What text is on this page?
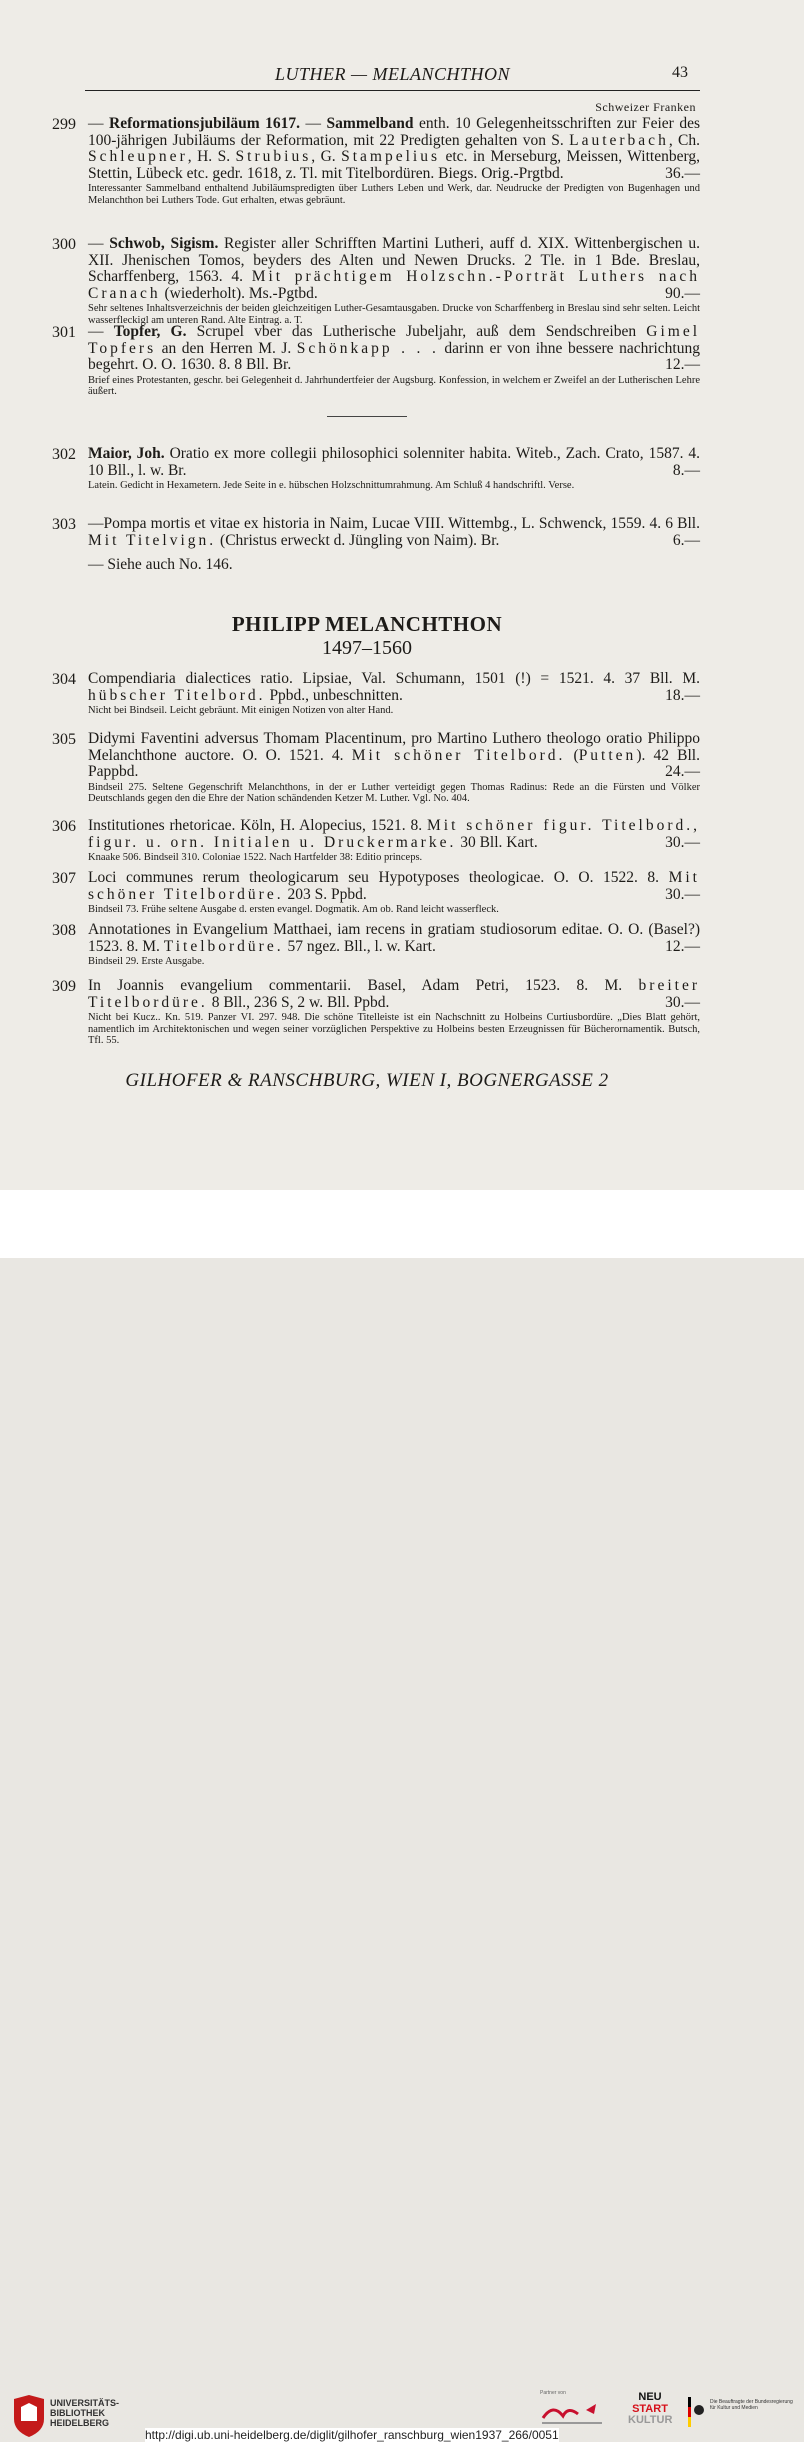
LUTHER — MELANCHTHON	43
Schweizer Franken
299 — Reformationsjubiläum 1617. — Sammelband enth. 10 Gelegenheitsschriften zur Feier des 100-jährigen Jubiläums der Reformation, mit 22 Predigten gehalten von S. Lauterbach, Ch. Schleupner, H. S. Strubius, G. Stampelius etc. in Merseburg, Meissen, Wittenberg, Stettin, Lübeck etc. gedr. 1618, z. Tl. mit Titelbordüren. Biegs. Orig.-Prgtbd.	36.—
Interessanter Sammelband enthaltend Jubiläumspredigten über Luthers Leben und Werk, dar. Neudrucke der Predigten von Bugenhagen und Melanchthon bei Luthers Tode. Gut erhalten, etwas gebräunt.
300 — Schwob, Sigism. Register aller Schrifften Martini Lutheri, auff d. XIX. Wittenbergischen u. XII. Jhenischen Tomos, beyders des Alten und Newen Drucks. 2 Tle. in 1 Bde. Breslau, Scharffenberg, 1563. 4. Mit prächtigem Holzschn.-Porträt Luthers nach Cranach (wiederholt). Ms.-Pgtbd.	90.—
Sehr seltenes Inhaltsverzeichnis der beiden gleichzeitigen Luther-Gesamtausgaben. Drucke von Scharffenberg in Breslau sind sehr selten. Leicht wasserfleckigl am unteren Rand. Alte Eintrag. a. T.
301 — Topfer, G. Scrupel vber das Lutherische Jubeljahr, auß dem Sendschreiben Gimel Topfers an den Herren M. J. Schönkapp . . . darinn er von ihne bessere nachrichtung begehrt. O. O. 1630. 8. 8 Bll. Br.	12.—
Brief eines Protestanten, geschr. bei Gelegenheit d. Jahrhundertfeier der Augsburg. Konfession, in welchem er Zweifel an der Lutherischen Lehre äußert.
302 Maior, Joh. Oratio ex more collegii philosophici solenniter habita. Witeb., Zach. Crato, 1587. 4. 10 Bll., l. w. Br.	8.—
Latein. Gedicht in Hexametern. Jede Seite in e. hübschen Holzschnittumrahmung. Am Schluß 4 handschriftl. Verse.
303 —Pompa mortis et vitae ex historia in Naim, Lucae VIII. Wittembg., L. Schwenck, 1559. 4. 6 Bll. Mit Titelvign. (Christus erweckt d. Jüngling von Naim). Br.	6.—
— Siehe auch No. 146.
PHILIPP MELANCHTHON
1497–1560
304 Compendiaria dialectices ratio. Lipsiae, Val. Schumann, 1501 (!) = 1521. 4. 37 Bll. M. hübscher Titelbord. Ppbd., unbeschnitten.	18.—
Nicht bei Bindseil. Leicht gebräunt. Mit einigen Notizen von alter Hand.
305 Didymi Faventini adversus Thomam Placentinum, pro Martino Luthero theologo oratio Philippo Melanchthone auctore. O. O. 1521. 4. Mit schöner Titelbord. (Putten). 42 Bll. Pappbd.	24.—
Bindseil 275. Seltene Gegenschrift Melanchthons, in der er Luther verteidigt gegen Thomas Radinus: Rede an die Fürsten und Völker Deutschlands gegen den die Ehre der Nation schändenden Ketzer M. Luther. Vgl. No. 404.
306 Institutiones rhetoricae. Köln, H. Alopecius, 1521. 8. Mit schöner figur. Titelbord., figur. u. orn. Initialen u. Druckermarke. 30 Bll. Kart.	30.—
Knaake 506. Bindseil 310. Coloniae 1522. Nach Hartfelder 38: Editio princeps.
307 Loci communes rerum theologicarum seu Hypotyposes theologicae. O. O. 1522. 8. Mit schöner Titelbordüre. 203 S. Ppbd.	30.—
Bindseil 73. Frühe seltene Ausgabe d. ersten evangel. Dogmatik. Am ob. Rand leicht wasserfleck.
308 Annotationes in Evangelium Matthaei, iam recens in gratiam studiosorum editae. O. O. (Basel?) 1523. 8. M. Titelbordüre. 57 ngez. Bll., l. w. Kart.	12.—
Bindseil 29. Erste Ausgabe.
309 In Joannis evangelium commentarii. Basel, Adam Petri, 1523. 8. M. breiter Titelbordüre. 8 Bll., 236 S, 2 w. Bll. Ppbd.	30.—
Nicht bei Kucz.. Kn. 519. Panzer VI. 297. 948. Die schöne Titelleiste ist ein Nachschnitt zu Holbeins Curtiusbordüre. „Dies Blatt gehört, namentlich im Architektonischen und wegen seiner vorzüglichen Perspektive zu Holbeins besten Erzeugnissen für Bücherornamentik. Butsch, Tfl. 55.
GILHOFER & RANSCHBURG, WIEN I, BOGNERGASSE 2
UNIVERSITÄTS-
BIBLIOTHEK
HEIDELBERG
Partner von	NEU
START
KULTUR
Die Beauftragte der Bundesregierung für Kultur und Medien
http://digi.ub.uni-heidelberg.de/diglit/gilhofer_ranschburg_wien1937_266/0051
